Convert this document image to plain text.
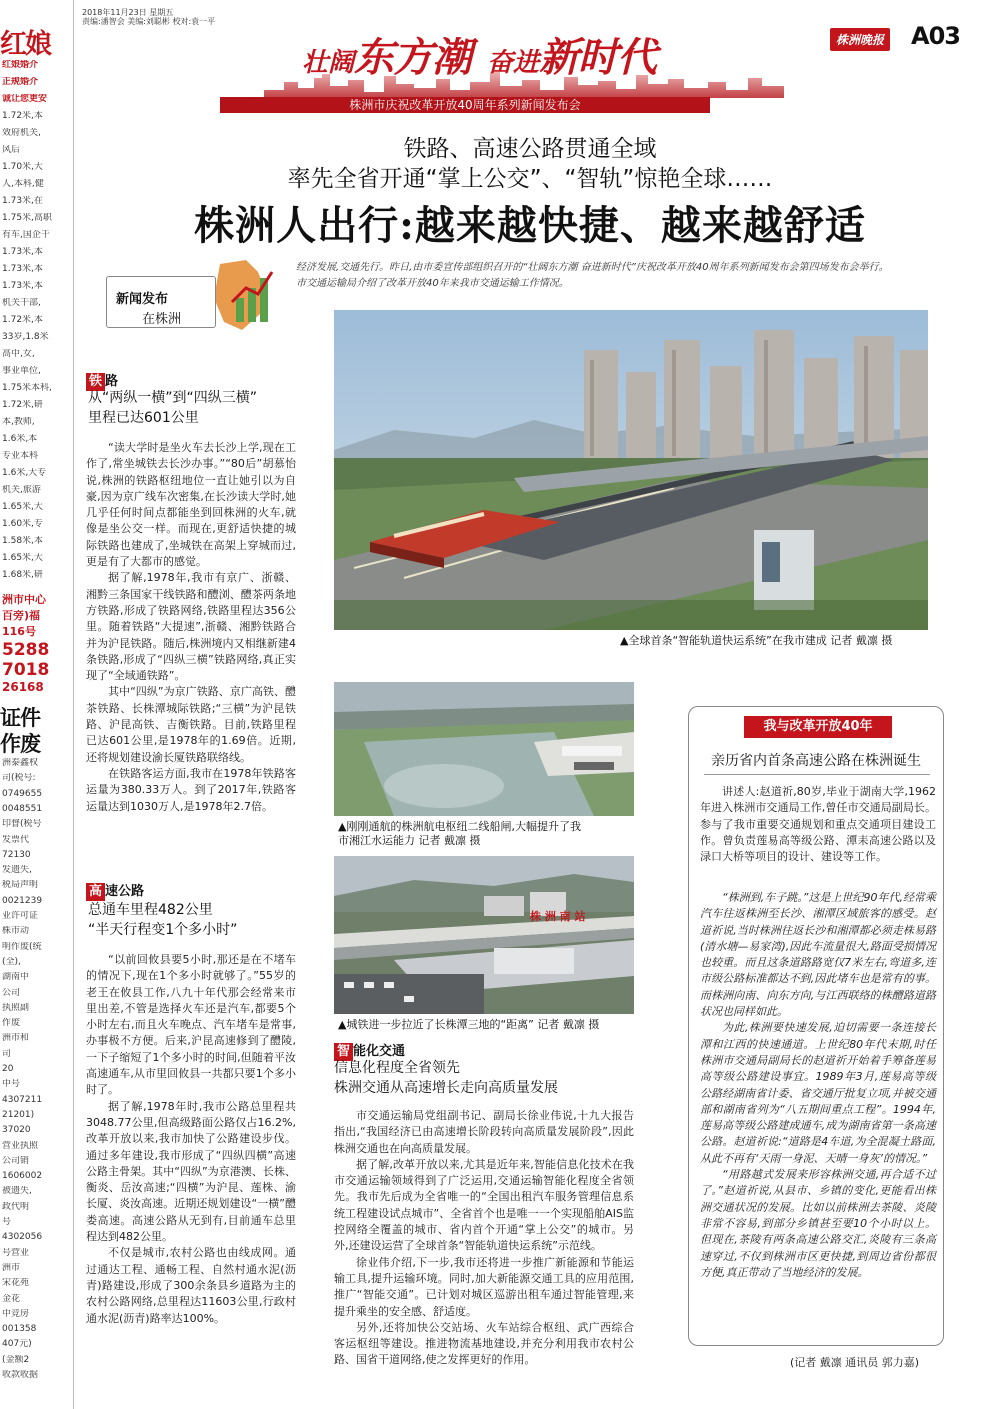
红娘
红娘婚介
正规婚介
诚让您更安
1.72米,本
效府机关,
风后
1.70米,大
人,本科,健
1.73米,在
1.75米,高职
有车,国企干
1.73米,本
1.73米,本
1.73米,本
机关干部,
1.72米,本
33岁,1.8米
高中,女,
事业单位,
1.75米本科,
1.72米,研
本,教师,
1.6米,本
专业本科
1.6米,大专
机关,旅游
1.65米,大
1.60米,专
1.58米,本
1.65米,大
1.68米,研
洲市中心
百旁)福
116号
5288
7018
26168
证件
作废
洲泰鑫权
司(税号:
0749655
0048551
印督(税号
发票代
72130
发遗失,
税局声明
0021239
业许可证
株市动
明作废(统
(全),
湖南中
公司
执照副
作废
洲市和
司
20
中号
4307211
21201)
37020
营业执照
公司销
1606002
被遗失,
政代明
号
4302056
号营业
洲市
宋花苑
金花
中竞房
001358
407元)
(金额2
收款收据
2018年11月23日 星期五
责编:潘智会 美编:刘聪彬 校对:袁一平
壮阔东方潮 奋进新时代	株洲晚报 A03
株洲市庆祝改革开放40周年系列新闻发布会
铁路、高速公路贯通全域
率先全省开通“掌上公交”、“智轨”惊艳全球……
株洲人出行:越来越快捷、越来越舒适
经济发展,交通先行。昨日,由市委宣传部组织召开的“壮阔东方潮 奋进新时代”庆祝改革开放40周年系列新闻发布会第四场发布会举行。市交通运输局介绍了改革开放40年来我市交通运输工作情况。
新闻发布
在株洲
▲全球首条“智能轨道快运系统”在我市建成 记者 戴凛 摄
▲刚刚通航的株洲航电枢纽二线船闸,大幅提升了我
市湘江水运能力 记者 戴凛 摄
株 洲 南 站
▲城铁进一步拉近了长株潭三地的“距离” 记者 戴凛 摄
铁 路
从“两纵一横”到“四纵三横”
里程已达601公里

“读大学时是坐火车去长沙上学,现在工作了,常坐城铁去长沙办事。”“80后”胡慕怡说,株洲的铁路枢纽地位一直让她引以为自豪,因为京广线车次密集,在长沙读大学时,她几乎任何时间点都能坐到回株洲的火车,就像是坐公交一样。而现在,更舒适快捷的城际铁路也建成了,坐城铁在高架上穿城而过,更是有了大都市的感觉。

据了解,1978年,我市有京广、浙赣、湘黔三条国家干线铁路和醴浏、醴茶两条地方铁路,形成了铁路网络,铁路里程达356公里。随着铁路“大提速”,浙赣、湘黔铁路合并为沪昆铁路。随后,株洲境内又相继新建4条铁路,形成了“四纵三横”铁路网络,真正实现了“全域通铁路”。

其中“四纵”为京广铁路、京广高铁、醴茶铁路、长株潭城际铁路;“三横”为沪昆铁路、沪昆高铁、吉衡铁路。目前,铁路里程已达601公里,是1978年的1.69倍。近期,还将规划建设渝长厦铁路联络线。

在铁路客运方面,我市在1978年铁路客运量为380.33万人。到了2017年,铁路客运量达到1030万人,是1978年2.7倍。

高 速公路
总通车里程482公里
“半天行程变1个多小时”

“以前回攸县要5小时,那还是在不堵车的情况下,现在1个多小时就够了。”55岁的老王在攸县工作,八九十年代那会经常来市里出差,不管是选择火车还是汽车,都要5个小时左右,而且火车晚点、汽车堵车是常事,办事极不方便。后来,沪昆高速修到了醴陵,一下子缩短了1个多小时的时间,但随着平汝高速通车,从市里回攸县一共都只要1个多小时了。

据了解,1978年时,我市公路总里程共3048.77公里,但高级路面公路仅占16.2%,改革开放以来,我市加快了公路建设步伐。通过多年建设,我市形成了“四纵四横”高速公路主骨架。其中“四纵”为京港澳、长株、衡炎、岳汝高速;“四横”为沪昆、莲株、渝长厦、炎汝高速。近期还规划建设“一横”醴娄高速。高速公路从无到有,目前通车总里程达到482公里。

不仅是城市,农村公路也由线成网。通过通达工程、通畅工程、自然村通水泥(沥青)路建设,形成了300余条县乡道路为主的农村公路网络,总里程达11603公里,行政村通水泥(沥青)路率达100%。

智 能化交通
信息化程度全省领先
株洲交通从高速增长走向高质量发展

市交通运输局党组副书记、副局长徐业伟说,十九大报告指出,“我国经济已由高速增长阶段转向高质量发展阶段”,因此株洲交通也在向高质量发展。

据了解,改革开放以来,尤其是近年来,智能信息化技术在我市交通运输领域得到了广泛运用,交通运输智能化程度全省领先。我市先后成为全省唯一的“全国出租汽车服务管理信息系统工程建设试点城市”、全省首个也是唯一一个实现船舶AIS监控网络全覆盖的城市、省内首个开通“掌上公交”的城市。另外,还建设运营了全球首条“智能轨道快运系统”示范线。

徐业伟介绍,下一步,我市还将进一步推广新能源和节能运输工具,提升运输环境。同时,加大新能源交通工具的应用范围,推广“智能交通”。已计划对城区巡游出租车通过智能管理,来提升乘坐的安全感、舒适度。

另外,还将加快公交站场、火车站综合枢纽、武广西综合客运枢纽等建设。推进物流基地建设,并充分利用我市农村公路、国省干道网络,使之发挥更好的作用。

我与改革开放40年
亲历省内首条高速公路在株洲诞生

讲述人:赵道祈,80岁,毕业于湖南大学,1962年进入株洲市交通局工作,曾任市交通局副局长。参与了我市重要交通规划和重点交通项目建设工作。曾负责莲易高等级公路、潭耒高速公路以及渌口大桥等项目的设计、建设等工作。

“株洲到,车子跳。”这是上世纪90年代,经常乘汽车往返株洲至长沙、湘潭区域旅客的感受。赵道祈说,当时株洲往返长沙和湘潭都必须走株易路(清水塘—易家湾),因此车流量很大,路面受损情况也较重。而且这条道路路宽仅7米左右,弯道多,连市级公路标准都达不到,因此堵车也是常有的事。而株洲向南、向东方向,与江西联络的株醴路道路状况也同样如此。

为此,株洲要快速发展,迫切需要一条连接长潭和江西的快速通道。上世纪80年代末期,时任株洲市交通局副局长的赵道祈开始着手筹备莲易高等级公路建设事宜。1989年3月,莲易高等级公路经湖南省计委、省交通厅批复立项,并被交通部和湖南省列为“八五期间重点工程”。1994年,莲易高等级公路建成通车,成为湖南省第一条高速公路。赵道祈说:“道路是4车道,为全混凝土路面,从此不再有‘天雨一身泥、天晴一身灰’的情况。”

“用路越式发展来形容株洲交通,再合适不过了。”赵道祈说,从县市、乡镇的变化,更能看出株洲交通状况的发展。比如以前株洲去茶陵、炎陵非常不容易,到部分乡镇甚至要10个小时以上。但现在,茶陵有两条高速公路交汇,炎陵有三条高速穿过,不仅到株洲市区更快捷,到周边省份都很方便,真正带动了当地经济的发展。

(记者 戴凛 通讯员 郭力嘉)
